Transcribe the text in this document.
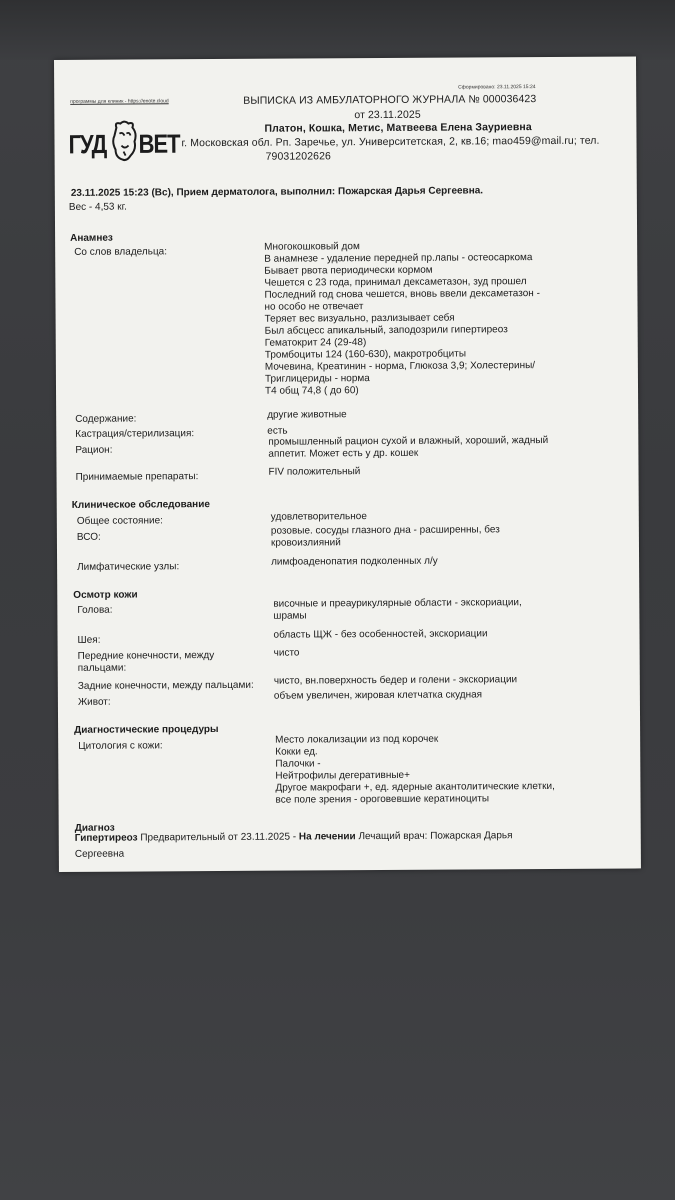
Сформировано: 23.11.2025 15:24
программы для клиник - https://enote.cloud
ГУД ВЕТ
ВЫПИСКА ИЗ АМБУЛАТОРНОГО ЖУРНАЛА № 000036423
от 23.11.2025
Платон, Кошка, Метис, Матвеева Елена Зауриевна
г. Московская обл. Рп. Заречье, ул. Университетская, 2, кв.16; mao459@mail.ru; тел.
79031202626
23.11.2025 15:23 (Вс), Прием дерматолога, выполнил: Пожарская Дарья Сергеевна.
Вес - 4,53 кг.
Анамнез
Со слов владельца:	Многокошковый дом
В анамнезе - удаление передней пр.лапы - остеосаркома
Бывает рвота периодически кормом
Чешется с 23 года, принимал дексаметазон, зуд прошел
Последний год снова чешется, вновь ввели дексаметазон -
но особо не отвечает
Теряет вес визуально, разлизывает себя
Был абсцесс апикальный, заподозрили гипертиреоз
Гематокрит 24 (29-48)
Тромбоциты 124 (160-630), макротробциты
Мочевина, Креатинин - норма, Глюкоза 3,9; Холестерины/
Триглицериды - норма
Т4 общ 74,8 ( до 60)
Содержание:	другие животные
Кастрация/стерилизация:	есть
Рацион:
промышленный рацион сухой и влажный, хороший, жадный
аппетит. Может есть у др. кошек
Принимаемые препараты:	FIV положительный
Клиническое обследование
Общее состояние:	удовлетворительное
ВСО:
розовые. сосуды глазного дна - расширенны, без
кровоизлияний
Лимфатические узлы:	лимфоаденопатия подколенных л/у
Осмотр кожи
Голова:
височные и преаурикулярные области - экскориации,
шрамы
Шея:	область ЩЖ - без особенностей, экскориации
Передние конечности, между
пальцами:
чисто
Задние конечности, между пальцами: чисто, вн.поверхность бедер и голени - экскориации
Живот:
объем увеличен, жировая клетчатка скудная
Диагностические процедуры
Цитология с кожи:
Место локализации из под корочек
Кокки ед.
Палочки -
Нейтрофилы дегеративные+
Другое макрофаги +, ед. ядерные акантолитические клетки,
все поле зрения - ороговевшие кератиноциты
Диагноз
Гипертиреоз Предварительный от 23.11.2025 - На лечении Лечащий врач: Пожарская Дарья
Сергеевна
